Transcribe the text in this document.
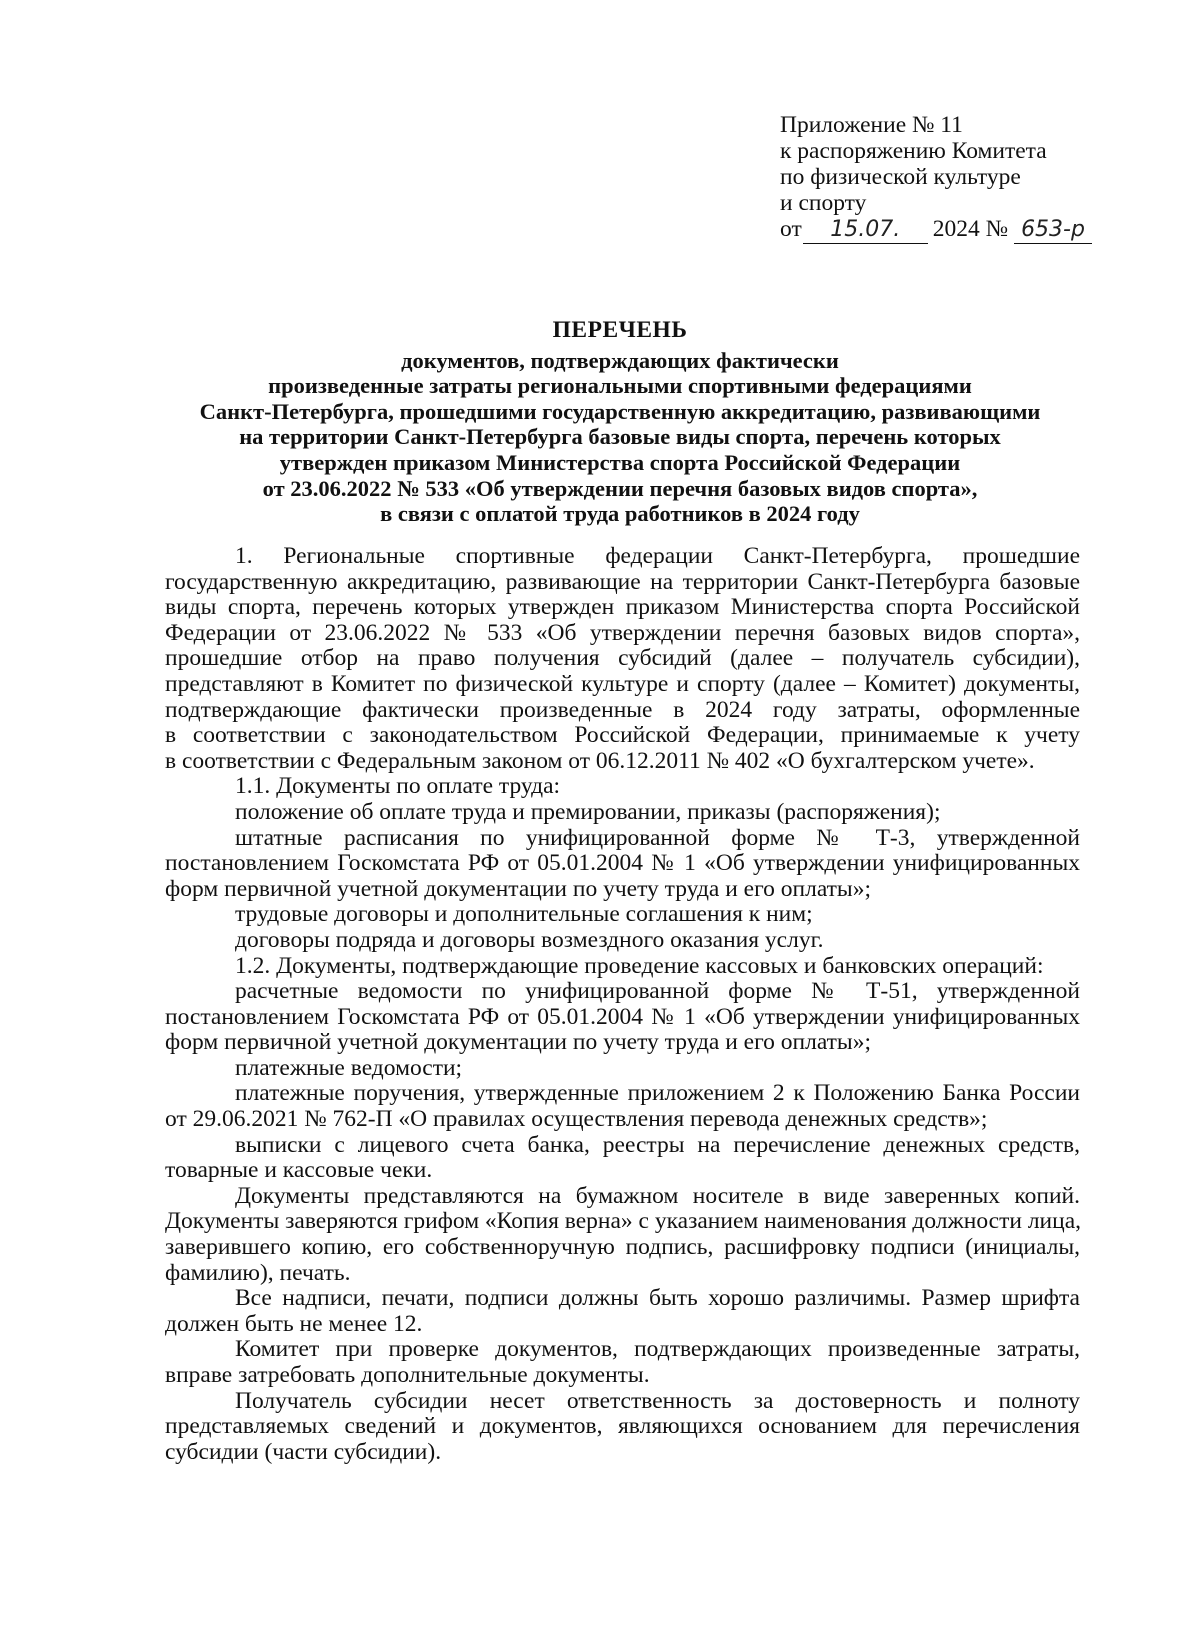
Приложение № 11
к распоряжению Комитета
по физической культуре
и спорту
от	15.07.	2024 № 653-р
ПЕРЕЧЕНЬ
документов, подтверждающих фактически
произведенные затраты региональными спортивными федерациями
Санкт-Петербурга, прошедшими государственную аккредитацию, развивающими
на территории Санкт-Петербурга базовые виды спорта, перечень которых
утвержден приказом Министерства спорта Российской Федерации
от 23.06.2022 № 533 «Об утверждении перечня базовых видов спорта»,
в связи с оплатой труда работников в 2024 году

1. Региональные спортивные федерации Санкт-Петербурга, прошедшие
государственную аккредитацию, развивающие на территории Санкт-Петербурга базовые
виды спорта, перечень которых утвержден приказом Министерства спорта Российской
Федерации от 23.06.2022 № 533 «Об утверждении перечня базовых видов спорта»,
прошедшие отбор на право получения субсидий (далее – получатель субсидии),
представляют в Комитет по физической культуре и спорту (далее – Комитет) документы,
подтверждающие фактически произведенные в 2024 году затраты, оформленные
в соответствии с законодательством Российской Федерации, принимаемые к учету
в соответствии с Федеральным законом от 06.12.2011 № 402 «О бухгалтерском учете».

1.1. Документы по оплате труда:

положение об оплате труда и премировании, приказы (распоряжения);

штатные расписания по унифицированной форме № Т-3, утвержденной
постановлением Госкомстата РФ от 05.01.2004 № 1 «Об утверждении унифицированных
форм первичной учетной документации по учету труда и его оплаты»;

трудовые договоры и дополнительные соглашения к ним;

договоры подряда и договоры возмездного оказания услуг.

1.2. Документы, подтверждающие проведение кассовых и банковских операций:

расчетные ведомости по унифицированной форме № Т-51, утвержденной
постановлением Госкомстата РФ от 05.01.2004 № 1 «Об утверждении унифицированных
форм первичной учетной документации по учету труда и его оплаты»;

платежные ведомости;

платежные поручения, утвержденные приложением 2 к Положению Банка России
от 29.06.2021 № 762-П «О правилах осуществления перевода денежных средств»;

выписки с лицевого счета банка, реестры на перечисление денежных средств,
товарные и кассовые чеки.

Документы представляются на бумажном носителе в виде заверенных копий.
Документы заверяются грифом «Копия верна» с указанием наименования должности лица,
заверившего копию, его собственноручную подпись, расшифровку подписи (инициалы,
фамилию), печать.

Все надписи, печати, подписи должны быть хорошо различимы. Размер шрифта
должен быть не менее 12.

Комитет при проверке документов, подтверждающих произведенные затраты,
вправе затребовать дополнительные документы.

Получатель субсидии несет ответственность за достоверность и полноту
представляемых сведений и документов, являющихся основанием для перечисления
субсидии (части субсидии).
